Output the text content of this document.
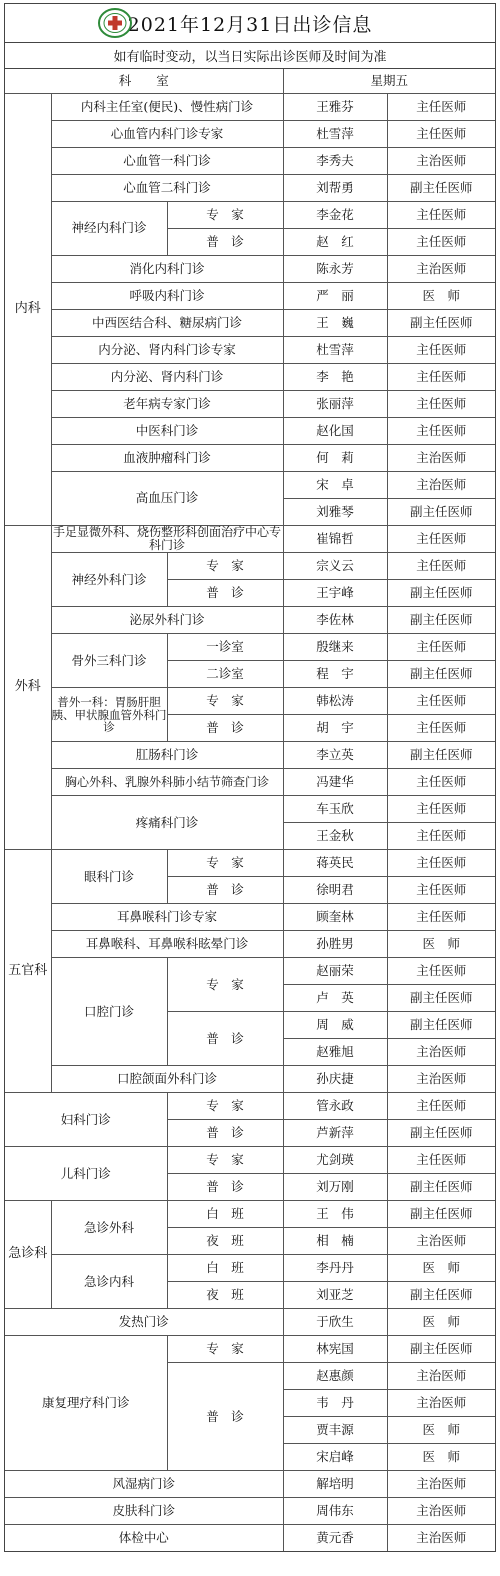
2021年12月31日出诊信息
如有临时变动，以当日实际出诊医师及时间为准
科　　室			星期五	
内科	内科主任室(便民)、慢性病门诊		王雅芬	主任医师
	心血管内科门诊专家		杜雪萍	主任医师
	心血管一科门诊		李秀夫	主治医师
	心血管二科门诊		刘帮勇	副主任医师
	神经内科门诊	专　家	李金花	主任医师
		普　诊	赵　红	主任医师
	消化内科门诊		陈永芳	主治医师
	呼吸内科门诊		严　丽	医　师
	中西医结合科、糖尿病门诊		王　巍	副主任医师
	内分泌、肾内科门诊专家		杜雪萍	主任医师
	内分泌、肾内科门诊		李　艳	主任医师
	老年病专家门诊		张丽萍	主任医师
	中医科门诊		赵化国	主任医师
	血液肿瘤科门诊		何　莉	主治医师
	高血压门诊		宋　卓	主治医师
			刘雅琴	副主任医师
外科	手足显微外科、烧伤整形科创面治疗中心专科门诊		崔锦哲	主任医师
	神经外科门诊	专　家	宗义云	主任医师
		普　诊	王宇峰	副主任医师
	泌尿外科门诊		李佐林	副主任医师
	骨外三科门诊	一诊室	殷继来	主任医师
		二诊室	程　宇	副主任医师
	普外一科：胃肠肝胆胰、甲状腺血管外科门诊	专　家	韩松涛	主任医师
		普　诊	胡　宇	主任医师
	肛肠科门诊		李立英	副主任医师
	胸心外科、乳腺外科肺小结节筛查门诊		冯建华	主任医师
	疼痛科门诊		车玉欣	主任医师
			王金秋	主任医师
五官科	眼科门诊	专　家	蒋英民	主任医师
		普　诊	徐明君	主任医师
	耳鼻喉科门诊专家		顾奎林	主任医师
	耳鼻喉科、耳鼻喉科眩晕门诊		孙胜男	医　师
	口腔门诊	专　家	赵丽荣	主任医师
			卢　英	副主任医师
		普　诊	周　威	副主任医师
			赵雅旭	主治医师
	口腔颌面外科门诊		孙庆捷	主治医师
妇科门诊		专　家	管永政	主任医师
		普　诊	芦新萍	副主任医师
儿科门诊		专　家	尤剑瑛	主任医师
		普　诊	刘万刚	副主任医师
急诊科	急诊外科	白　班	王　伟	副主任医师
		夜　班	相　楠	主治医师
	急诊内科	白　班	李丹丹	医　师
		夜　班	刘亚芝	副主任医师
发热门诊			于欣生	医　师
康复理疗科门诊		专　家	林宪国	副主任医师
		普　诊	赵惠颜	主治医师
			韦　丹	主治医师
			贾丰源	医　师
			宋启峰	医　师
风湿病门诊			解培明	主治医师
皮肤科门诊			周伟东	主治医师
体检中心			黄元香	主治医师
